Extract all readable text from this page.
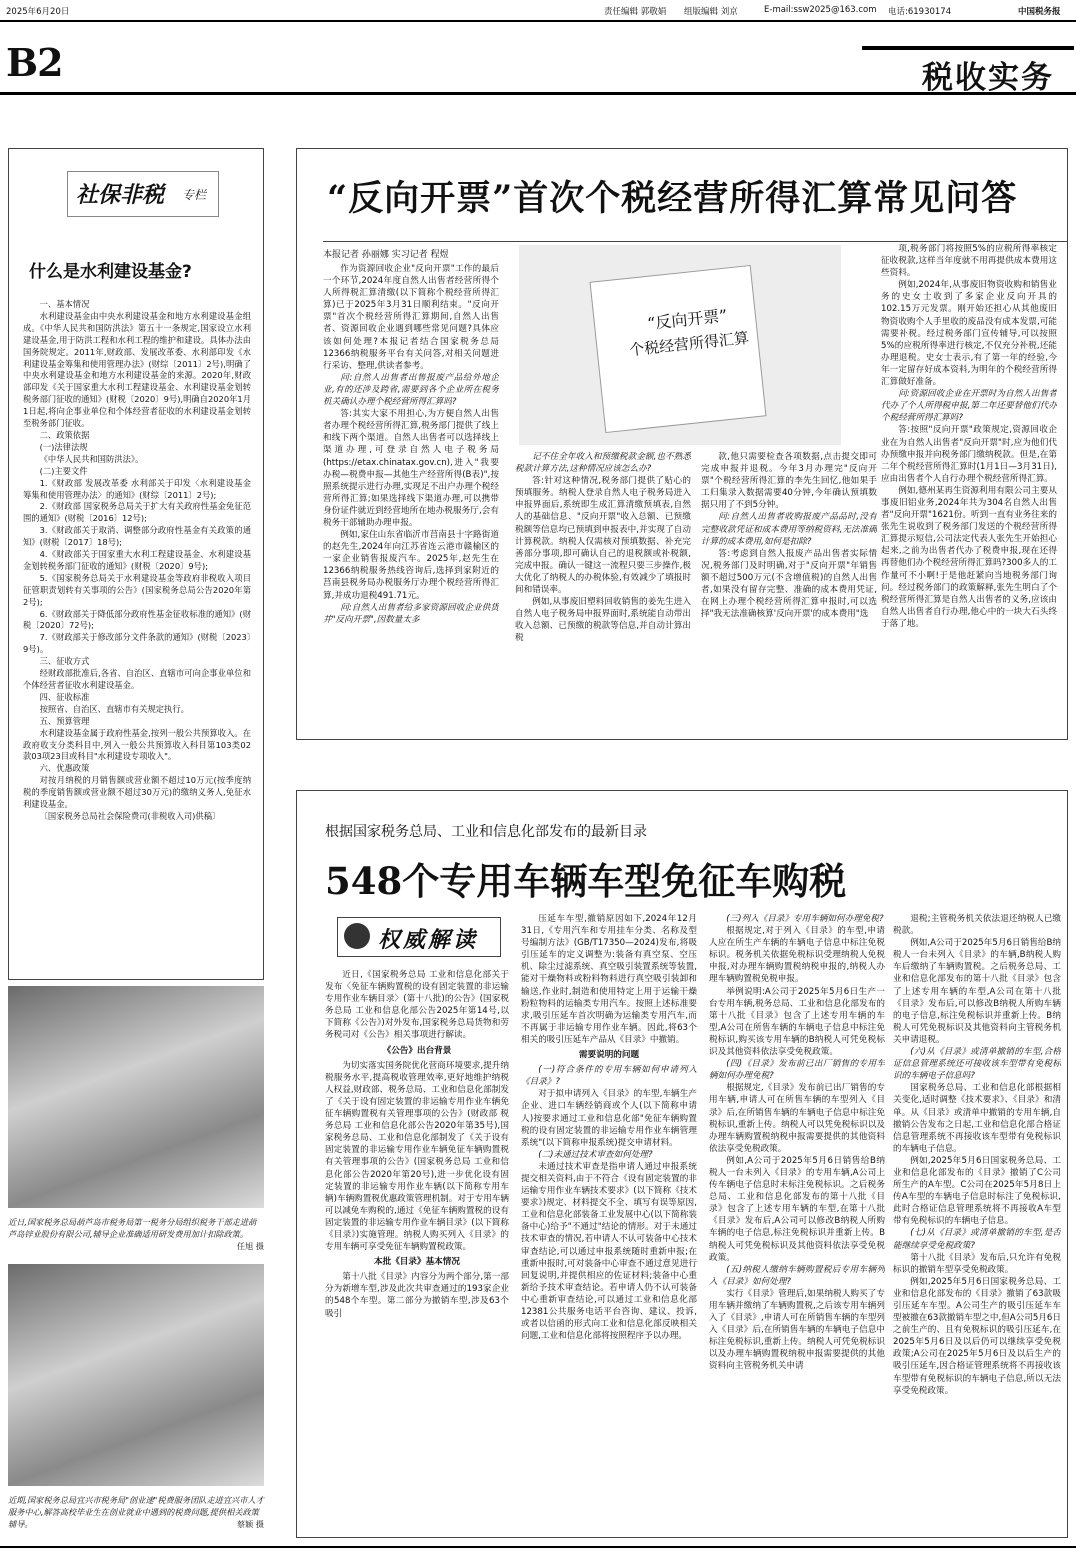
2025年6月20日	责任编辑 郭敬娟 组版编辑 刘京	E-mail:ssw2025@163.com 电话:61930174	中国税务报
B2	税收实务
社保非税 专栏
什么是水利建设基金?

一、基本情况

水利建设基金由中央水利建设基金和地方水利建设基金组成。《中华人民共和国防洪法》第五十一条规定,国家设立水利建设基金,用于防洪工程和水利工程的维护和建设。具体办法由国务院规定。2011年,财政部、发展改革委、水利部印发《水利建设基金筹集和使用管理办法》(财综〔2011〕2号),明确了中央水利建设基金和地方水利建设基金的来源。2020年,财政部印发《关于国家重大水利工程建设基金、水利建设基金划转税务部门征收的通知》(财税〔2020〕9号),明确自2020年1月1日起,将向企事业单位和个体经营者征收的水利建设基金划转至税务部门征收。

二、政策依据

(一)法律法规

《中华人民共和国防洪法》。

(二)主要文件

1.《财政部 发展改革委 水利部关于印发〈水利建设基金筹集和使用管理办法〉的通知》(财综〔2011〕2号);

2.《财政部 国家税务总局关于扩大有关政府性基金免征范围的通知》(财税〔2016〕12号);

3.《财政部关于取消、调整部分政府性基金有关政策的通知》(财税〔2017〕18号);

4.《财政部关于国家重大水利工程建设基金、水利建设基金划转税务部门征收的通知》(财税〔2020〕9号);

5.《国家税务总局关于水利建设基金等政府非税收入项目征管职责划转有关事项的公告》(国家税务总局公告2020年第2号);

6.《财政部关于降低部分政府性基金征收标准的通知》(财税〔2020〕72号);

7.《财政部关于修改部分文件条款的通知》(财税〔2023〕9号)。

三、征收方式

经财政部批准后,各省、自治区、直辖市可向企事业单位和个体经营者征收水利建设基金。

四、征收标准

按照省、自治区、直辖市有关规定执行。

五、预算管理

水利建设基金属于政府性基金,按列一般公共预算收入。在政府收支分类科目中,列入一般公共预算收入科目第103类02款03项23目或科目"水利建设专项收入"。

六、优惠政策

对按月纳税的月销售额或营业额不超过10万元(按季度纳税的季度销售额或营业额不超过30万元)的缴纳义务人,免征水利建设基金。

〔国家税务总局社会保险费司(非税收入司)供稿〕

近日,国家税务总局葫芦岛市税务局第一税务分局组织税务干部走进葫芦岛锌业股份有限公司,辅导企业准确适用研发费用加计扣除政策。
任旭 摄
近期,国家税务总局宜兴市税务局"创业速"税费服务团队走进宜兴市人才服务中心,解答高校毕业生在创业就业中遇到的税费问题,提供相关政策辅导。	蔡颖 摄
“反向开票”首次个税经营所得汇算常见问答
本报记者 孙丽娜 实习记者 程煜
“反向开票”
个税经营所得汇算

作为资源回收企业"反向开票"工作的最后一个环节,2024年度自然人出售者经营所得个人所得税汇算清缴(以下简称个税经营所得汇算)已于2025年3月31日顺利结束。"反向开票"首次个税经营所得汇算期间,自然人出售者、资源回收企业遇到哪些常见问题?具体应该如何处理?本报记者结合国家税务总局12366纳税服务平台有关问答,对相关问题进行采访、整理,供读者参考。

问:自然人出售者出售报废产品给外地企业,有的还涉及跨省,需要到各个企业所在税务机关确认办理个税经营所得汇算吗?

答:其实大家不用担心,为方便自然人出售者办理个税经营所得汇算,税务部门提供了线上和线下两个渠道。自然人出售者可以选择线上渠道办理,可登录自然人电子税务局(https://etax.chinatax.gov.cn),进入"我要办税—税费申报—其他生产经营所得(B表)",按照系统提示进行办理,实现足不出户办理个税经营所得汇算;如果选择线下渠道办理,可以携带身份证件就近到经营地所在地办税服务厅,会有税务干部辅助办理申报。

例如,家住山东省临沂市莒南县十字路街道的赵先生,2024年向江苏省连云港市赣榆区的一家企业销售报废汽车。2025年,赵先生在12366纳税服务热线咨询后,选择到家附近的莒南县税务局办税服务厅办理个税经营所得汇算,并成功退税491.71元。

问:自然人出售者给多家资源回收企业供货并"反向开票",因数量太多

记不住全年收入和预缴税款金额,也不熟悉税款计算方法,这种情况应该怎么办?

答:针对这种情况,税务部门提供了贴心的预填服务。纳税人登录自然人电子税务局进入申报界面后,系统即生成汇算清缴预填表,自然人的基础信息、"反向开票"收入总额、已预缴税额等信息均已预填到申报表中,并实现了自动计算税款。纳税人仅需核对预填数据、补充完善部分事项,即可确认自己的退税额或补税额,完成申报。确认一键这一流程只要三步操作,极大优化了纳税人的办税体验,有效减少了填报时间和错误率。

例如,从事废旧塑料回收销售的姜先生进入自然人电子税务局申报界面时,系统能自动带出收入总额、已预缴的税款等信息,并自动计算出税

款,他只需要检查各项数据,点击提交即可完成申报并退税。今年3月办理完"反向开票"个税经营所得汇算的李先生回忆,他如果手工归集录入数据需要40分钟,今年确认预填数据只用了不到5分钟。

问:自然人出售者收购报废产品品时,没有完整收款凭证和成本费用等纳税资料,无法准确计算的成本费用,如何是扣除?

答:考虑到自然人报废产品出售者实际情况,税务部门及时明确,对于"反向开票"年销售额不超过500万元(不含增值税)的自然人出售者,如果没有留存完整、准确的成本费用凭证,在网上办理个税经营所得汇算申报时,可以选择"我无法准确核算'反向开票'的成本费用"选

项,税务部门将按照5%的应税所得率核定征收税款,这样当年度就不用再提供成本费用这些资料。

例如,2024年,从事废旧物资收购和销售业务的史女士收到了多家企业反向开具的102.15万元发票。刚开始还担心从其他废旧物资收购个人手里收的废品没有成本发票,可能需要补税。经过税务部门宣传辅导,可以按照5%的应税所得率进行核定,不仅充分补税,还能办理退税。史女士表示,有了第一年的经验,今年一定留存好成本资料,为明年的个税经营所得汇算做好准备。

问:资源回收企业在开票时为自然人出售者代办了个人所得税申报,第二年还要替他们代办个税经营所得汇算吗?

答:按照"反向开票"政策规定,资源回收企业在为自然人出售者"反向开票"时,应为他们代办预缴申报并向税务部门缴纳税款。但是,在第二年个税经营所得汇算时(1月1日—3月31日),应由出售者个人自行办理个税经营所得汇算。

例如,德州某再生资源利用有限公司主要从事废旧铝业务,2024年共为304名自然人出售者"反向开票"1621份。听到一直有业务往来的张先生说收到了税务部门发送的个税经营所得汇算提示短信,公司法定代表人张先生开始担心起来,之前为出售者代办了税费申报,现在还得再替他们办个税经营所得汇算吗?300多人的工作量可不小啊!于是他赶紧向当地税务部门询问。经过税务部门的政策解释,张先生明白了个税经营所得汇算是自然人出售者的义务,应该由自然人出售者自行办理,他心中的一块大石头终于落了地。

根据国家税务总局、工业和信息化部发布的最新目录
548个专用车辆车型免征车购税
权威解读

近日,《国家税务总局 工业和信息化部关于发布〈免征车辆购置税的设有固定装置的非运输专用作业车辆目录〉(第十八批)的公告》(国家税务总局 工业和信息化部公告2025年第14号,以下简称《公告》)对外发布,国家税务总局货物和劳务税司对《公告》相关事项进行解读。

《公告》出台背景

为切实落实国务院优化营商环境要求,提升纳税服务水平,提高税收管理效率,更好地维护纳税人权益,财政部、税务总局、工业和信息化部制发了《关于设有固定装置的非运输专用作业车辆免征车辆购置税有关管理事项的公告》(财政部 税务总局 工业和信息化部公告2020年第35号),国家税务总局、工业和信息化部制发了《关于设有固定装置的非运输专用作业车辆免征车辆购置税有关管理事项的公告》(国家税务总局 工业和信息化部公告2020年第20号),进一步优化设有固定装置的非运输专用作业车辆(以下简称专用车辆)车辆购置税优惠政策管理机制。对于专用车辆可以减免车购税的,通过《免征车辆购置税的设有固定装置的非运输专用作业车辆目录》(以下简称《目录》)实施管理。纳税人购买列入《目录》的专用车辆可享受免征车辆购置税政策。

本批《目录》基本情况

第十八批《目录》内容分为两个部分,第一部分为新增车型,涉及此次共审查通过的193家企业的548个车型。第二部分为撤销车型,涉及63个吸引

压延车车型,撤销原因如下,2024年12月31日,《专用汽车和专用挂车分类、名称及型号编制方法》(GB/T17350—2024)发布,将吸引压延车的定义调整为:装备有真空泵、空压机、除尘过滤系统、真空吸引装置系统等装置,能对干燥物料或粉料物料进行真空吸引装卸和输送,作业时,制造和使用特定上用于运输干燥粉粒物料的运输类专用汽车。按照上述标准要求,吸引压延车首次明确为运输类专用汽车,而不再属于非运输专用作业车辆。因此,将63个相关的吸引压延车产品从《目录》中撤销。

需要说明的问题

(一)符合条件的专用车辆如何申请列入《目录》?

对于拟申请列入《目录》的车型,车辆生产企业、进口车辆经销商或个人(以下简称申请人)按要求通过工业和信息化部"免征车辆购置税的设有固定装置的非运输专用作业车辆管理系统"(以下简称申报系统)提交申请材料。

(二)未通过技术审查如何处理?

未通过技术审查是指申请人通过申报系统提交相关资料,由于不符合《设有固定装置的非运输专用作业车辆技术要求》(以下简称《技术要求》)规定、材料提交不全、填写有误等原因,工业和信息化部装备工业发展中心(以下简称装备中心)给予"不通过"结论的情形。对于未通过技术审查的情况,若申请人不认可装备中心技术审查结论,可以通过申报系统随时重新申报;在重新申报时,可对装备中心审查不通过意见进行回复说明,并提供相应的佐证材料;装备中心重新给予技术审查结论。若申请人仍不认可装备中心重新审查结论,可以通过工业和信息化部12381公共服务电话平台咨询、建议、投诉,或者以信函的形式向工业和信息化部反映相关问题,工业和信息化部将按照程序予以办理。

(三)列入《目录》专用车辆如何办理免税?

根据规定,对于列入《目录》的车型,申请人应在所生产车辆的车辆电子信息中标注免税标识。税务机关依据免税标识受理纳税人免税申报,对办理车辆购置税纳税申报的,纳税人办理车辆购置税免税申报。

举例说明:A公司于2025年5月6日生产一台专用车辆,税务总局、工业和信息化部发布的第十八批《目录》包含了上述专用车辆的车型,A公司在所售车辆的车辆电子信息中标注免税标识,购买该专用车辆的B纳税人可凭免税标识及其他资料依法享受免税政策。

(四)《目录》发布前已出厂销售的专用车辆如何办理免税?

根据规定,《目录》发布前已出厂销售的专用车辆,申请人可在所售车辆的车型列入《目录》后,在所销售车辆的车辆电子信息中标注免税标识,重新上传。纳税人可以凭免税标识以及办理车辆购置税纳税申报需要提供的其他资料依法享受免税政策。

例如,A公司于2025年5月6日销售给B纳税人一台未列入《目录》的专用车辆,A公司上传车辆电子信息时未标注免税标识。之后税务总局、工业和信息化部发布的第十八批《目录》包含了上述专用车辆的车型,在第十八批《目录》发布后,A公司可以修改B纳税人所购车辆的电子信息,标注免税标识并重新上传。B纳税人可凭免税标识及其他资料依法享受免税政策。

(五)纳税人缴纳车辆购置税后专用车辆列入《目录》如何处理?

实行《目录》管理后,如果纳税人购买了专用车辆并缴纳了车辆购置税,之后该专用车辆列入了《目录》,申请人可在所销售车辆的车型列入《目录》后,在所销售车辆的车辆电子信息中标注免税标识,重新上传。纳税人可凭免税标识以及办理车辆购置税纳税申报需要提供的其他资料向主管税务机关申请

退税;主管税务机关依法退还纳税人已缴税款。

例如,A公司于2025年5月6日销售给B纳税人一台未列入《目录》的车辆,B纳税人购车后缴纳了车辆购置税。之后税务总局、工业和信息化部发布的第十八批《目录》包含了上述专用车辆的车型,A公司在第十八批《目录》发布后,可以修改B纳税人所购车辆的电子信息,标注免税标识并重新上传。B纳税人可凭免税标识及其他资料向主管税务机关申请退税。

(六)从《目录》或清单撤销的车型,合格证信息管理系统还可接收该车型带有免税标识的车辆电子信息吗?

国家税务总局、工业和信息化部根据相关变化,适时调整《技术要求》、《目录》和清单。从《目录》或清单中撤销的专用车辆,自撤销公告发布之日起,工业和信息化部合格证信息管理系统不再接收该车型带有免税标识的车辆电子信息。

例如,2025年5月6日国家税务总局、工业和信息化部发布的《目录》撤销了C公司所生产的A车型。C公司在2025年5月8日上传A车型的车辆电子信息时标注了免税标识,此时合格证信息管理系统将不再接收A车型带有免税标识的车辆电子信息。

(七)从《目录》或清单撤销的车型,是否能继续享受免税政策?

第十八批《目录》发布后,只允许有免税标识的撤销车型享受免税政策。

例如,2025年5月6日国家税务总局、工业和信息化部发布的《目录》撤销了63款吸引压延车车型。A公司生产的吸引压延车车型被撤在63款撤销车型之中,但A公司5月6日之前生产的、且有免税标识的吸引压延车,在2025年5月6日及以后仍可以继续享受免税政策;A公司在2025年5月6日及以后生产的吸引压延车,因合格证管理系统将不再接收该车型带有免税标识的车辆电子信息,所以无法享受免税政策。
